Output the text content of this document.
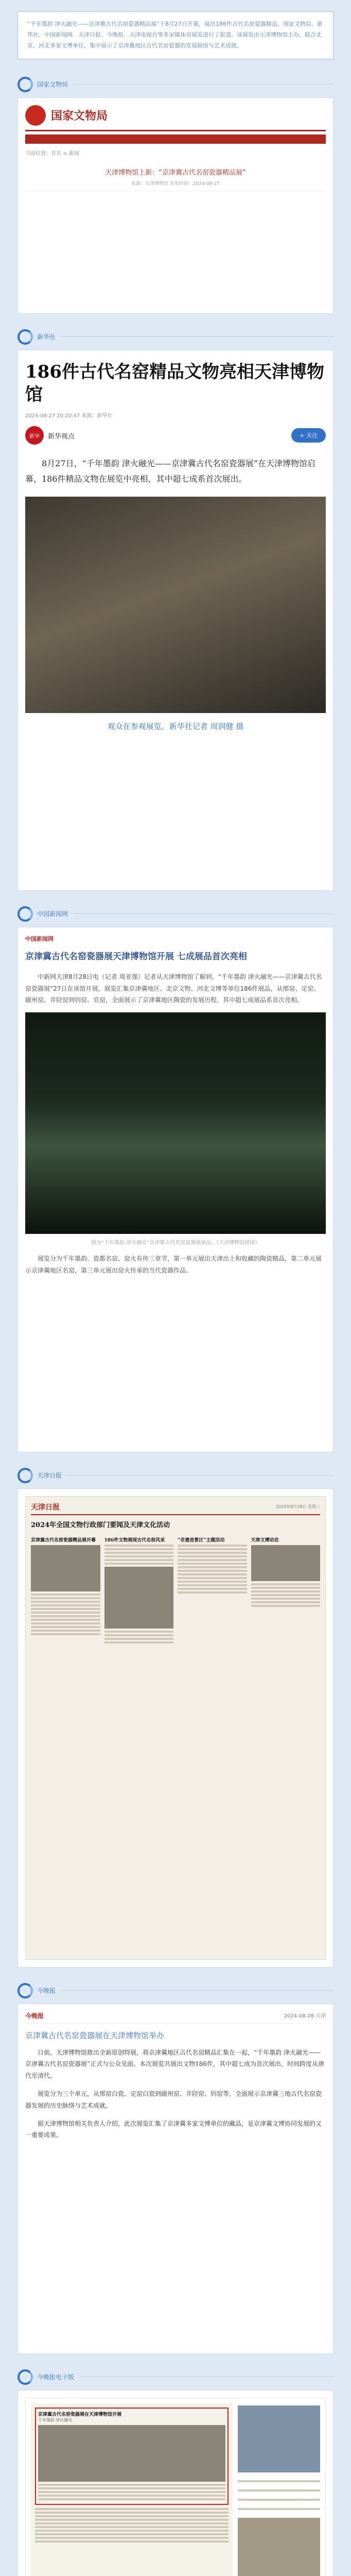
“千年墨韵 津火融光——京津冀古代名窑瓷器精品展”于8月27日开幕，展出186件古代名窑瓷器精品。国家文物局、新华社、中国新闻网、天津日报、今晚报、天津电视台等多家媒体对展览进行了报道。该展览由天津博物馆主办，联合北京、河北多家文博单位，集中展示了京津冀地区古代名窑瓷器的发展脉络与艺术成就。

国家文物局
国家文物局
当前位置：首页 > 新闻
天津博物馆上新：“京津冀古代名窑瓷器精品展”
来源：天津博物馆 发布时间：2024-08-27
新华社
186件古代名窑精品文物亮相天津博物馆
2024-08-27 20:20:47 来源：新华社
新华	新华视点	+ 关注

8月27日，“千年墨韵 津火融光——京津冀古代名窑瓷器展”在天津博物馆启幕，186件精品文物在展览中亮相，其中超七成系首次展出。

观众在参观展览。新华社记者 周润健 摄

中国新闻网
中国新闻网
京津冀古代名窑瓷器展天津博物馆开展 七成展品首次亮相

中新网天津8月28日电（记者 周亚强）记者从天津博物馆了解到，“千年墨韵 津火融光——京津冀古代名窑瓷器展”27日在该馆开展。展览汇集京津冀地区、北京文物、河北文博等单位186件展品，从邢窑、定窑、磁州窑、井陉窑到钧窑、官窑，全面展示了京津冀地区陶瓷的发展历程，其中超七成展品系首次亮相。

图为“千年墨韵 津火融光”京津冀古代名窑瓷器展展品。（天津博物馆供图）

展览分为千年墨韵、瓷都名窑、窑火有传三章节，第一单元展出天津出土和收藏的陶瓷精品，第二单元展示京津冀地区名窑，第三单元展出窑火传承的当代瓷器作品。

天津日报
天津日报	2024年8月28日 星期三
2024年全国文物行政部门要闻及天津文化活动
京津冀古代名窑瓷器精品展开幕	186件文物展现古代名窑风采	“非遗进景区”主题活动	天津文博动态
今晚报
今晚报	2024-08-28 天津
京津冀古代名窑瓷器展在天津博物馆举办

日前，天津博物馆推出全新原创特展，将京津冀地区古代名窑精品汇集在一起，“千年墨韵 津火融光——京津冀古代名窑瓷器展”正式与公众见面。本次展览共展出文物186件，其中超七成为首次展出，时间跨度从唐代至清代。

展览分为三个单元，从邢窑白瓷、定窑白瓷到磁州窑、井陉窑、钧窑等，全面展示京津冀三地古代名窑瓷器发展的历史脉络与艺术成就。

据天津博物馆相关负责人介绍，此次展览汇集了京津冀多家文博单位的藏品，是京津冀文博协同发展的又一重要成果。

今晚报电子版
京津冀古代名窑瓷器展在天津博物馆开展
千年墨韵 津火融光
